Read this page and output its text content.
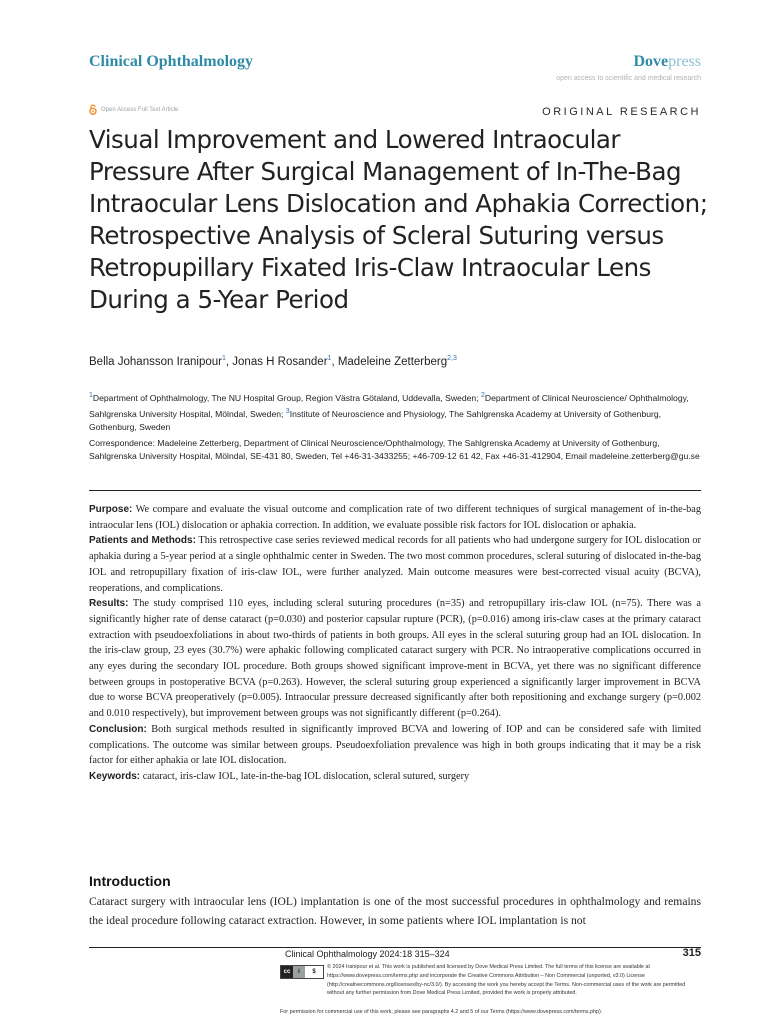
Clinical Ophthalmology	Dovepress
open access to scientific and medical research
Open Access Full Text Article	ORIGINAL RESEARCH
Visual Improvement and Lowered Intraocular Pressure After Surgical Management of In-The-Bag Intraocular Lens Dislocation and Aphakia Correction; Retrospective Analysis of Scleral Suturing versus Retropupillary Fixated Iris-Claw Intraocular Lens During a 5-Year Period
Bella Johansson Iranipour$^1$, Jonas H Rosander$^1$, Madeleine Zetterberg$^{2,3}$

$^1$Department of Ophthalmology, The NU Hospital Group, Region Västra Götaland, Uddevalla, Sweden; $^2$Department of Clinical Neuroscience/ Ophthalmology, Sahlgrenska University Hospital, Mölndal, Sweden; $^3$Institute of Neuroscience and Physiology, The Sahlgrenska Academy at University of Gothenburg, Gothenburg, Sweden

Correspondence: Madeleine Zetterberg, Department of Clinical Neuroscience/Ophthalmology, The Sahlgrenska Academy at University of Gothenburg, Sahlgrenska University Hospital, Mölndal, SE-431 80, Sweden, Tel +46-31-3433255; +46-709-12 61 42, Fax +46-31-412904, Email madeleine.zetterberg@gu.se

Purpose: We compare and evaluate the visual outcome and complication rate of two different techniques of surgical management of in-the-bag intraocular lens (IOL) dislocation or aphakia correction. In addition, we evaluate possible risk factors for IOL dislocation or aphakia.

Patients and Methods: This retrospective case series reviewed medical records for all patients who had undergone surgery for IOL dislocation or aphakia during a 5-year period at a single ophthalmic center in Sweden. The two most common procedures, scleral suturing of dislocated in-the-bag IOL and retropupillary fixation of iris-claw IOL, were further analyzed. Main outcome measures were best-corrected visual acuity (BCVA), reoperations, and complications.

Results: The study comprised 110 eyes, including scleral suturing procedures (n=35) and retropupillary iris-claw IOL (n=75). There was a significantly higher rate of dense cataract (p=0.030) and posterior capsular rupture (PCR), (p=0.016) among iris-claw cases at the primary cataract extraction with pseudoexfoliations in about two-thirds of patients in both groups. All eyes in the scleral suturing group had an IOL dislocation. In the iris-claw group, 23 eyes (30.7%) were aphakic following complicated cataract surgery with PCR. No intraoperative complications occurred in any eyes during the secondary IOL procedure. Both groups showed significant improve-ment in BCVA, yet there was no significant difference between groups in postoperative BCVA (p=0.263). However, the scleral suturing group experienced a significantly larger improvement in BCVA due to worse BCVA preoperatively (p=0.005). Intraocular pressure decreased significantly after both repositioning and exchange surgery (p=0.002 and 0.010 respectively), but improvement between groups was not significantly different (p=0.264).

Conclusion: Both surgical methods resulted in significantly improved BCVA and lowering of IOP and can be considered safe with limited complications. The outcome was similar between groups. Pseudoexfoliation prevalence was high in both groups indicating that it may be a risk factor for either aphakia or late IOL dislocation.

Keywords: cataract, iris-claw IOL, late-in-the-bag IOL dislocation, scleral sutured, surgery

Introduction

Cataract surgery with intraocular lens (IOL) implantation is one of the most successful procedures in ophthalmology and remains the ideal procedure following cataract extraction. However, in some patients where IOL implantation is not

Clinical Ophthalmology 2024:18 315–324	315
cc	i	$

© 2024 Iranipour et al. This work is published and licensed by Dove Medical Press Limited. The full terms of this license are available at https://www.dovepress.com/terms.php and incorporate the Creative Commons Attribution – Non Commercial (unported, v3.0) License (http://creativecommons.org/licenses/by-nc/3.0/). By accessing the work you hereby accept the Terms. Non-commercial uses of the work are permitted without any further permission from Dove Medical Press Limited, provided the work is properly attributed.

For permission for commercial use of this work, please see paragraphs 4.2 and 5 of our Terms (https://www.dovepress.com/terms.php).
